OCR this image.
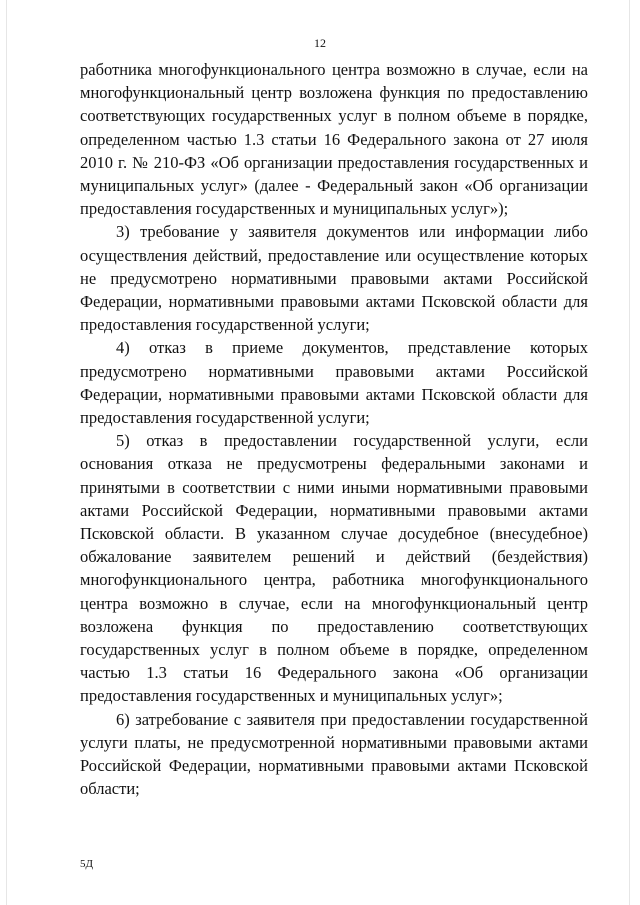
12

работника многофункционального центра возможно в случае, если на многофункциональный центр возложена функция по предоставлению соответствующих государственных услуг в полном объеме в порядке, определенном частью 1.3 статьи 16 Федерального закона от 27 июля 2010 г. № 210-ФЗ «Об организации предоставления государственных и муниципальных услуг» (далее - Федеральный закон «Об организации предоставления государственных и муниципальных услуг»);

3) требование у заявителя документов или информации либо осуществления действий, предоставление или осуществление которых не предусмотрено нормативными правовыми актами Российской Федерации, нормативными правовыми актами Псковской области для предоставления государственной услуги;

4) отказ в приеме документов, представление которых предусмотрено нормативными правовыми актами Российской Федерации, нормативными правовыми актами Псковской области для предоставления государственной услуги;

5) отказ в предоставлении государственной услуги, если основания отказа не предусмотрены федеральными законами и принятыми в соответствии с ними иными нормативными правовыми актами Российской Федерации, нормативными правовыми актами Псковской области. В указанном случае досудебное (внесудебное) обжалование заявителем решений и действий (бездействия) многофункционального центра, работника многофункционального центра возможно в случае, если на многофункциональный центр возложена функция по предоставлению соответствующих государственных услуг в полном объеме в порядке, определенном частью 1.3 статьи 16 Федерального закона «Об организации предоставления государственных и муниципальных услуг»;

6) затребование с заявителя при предоставлении государственной услуги платы, не предусмотренной нормативными правовыми актами Российской Федерации, нормативными правовыми актами Псковской области;

5Д
